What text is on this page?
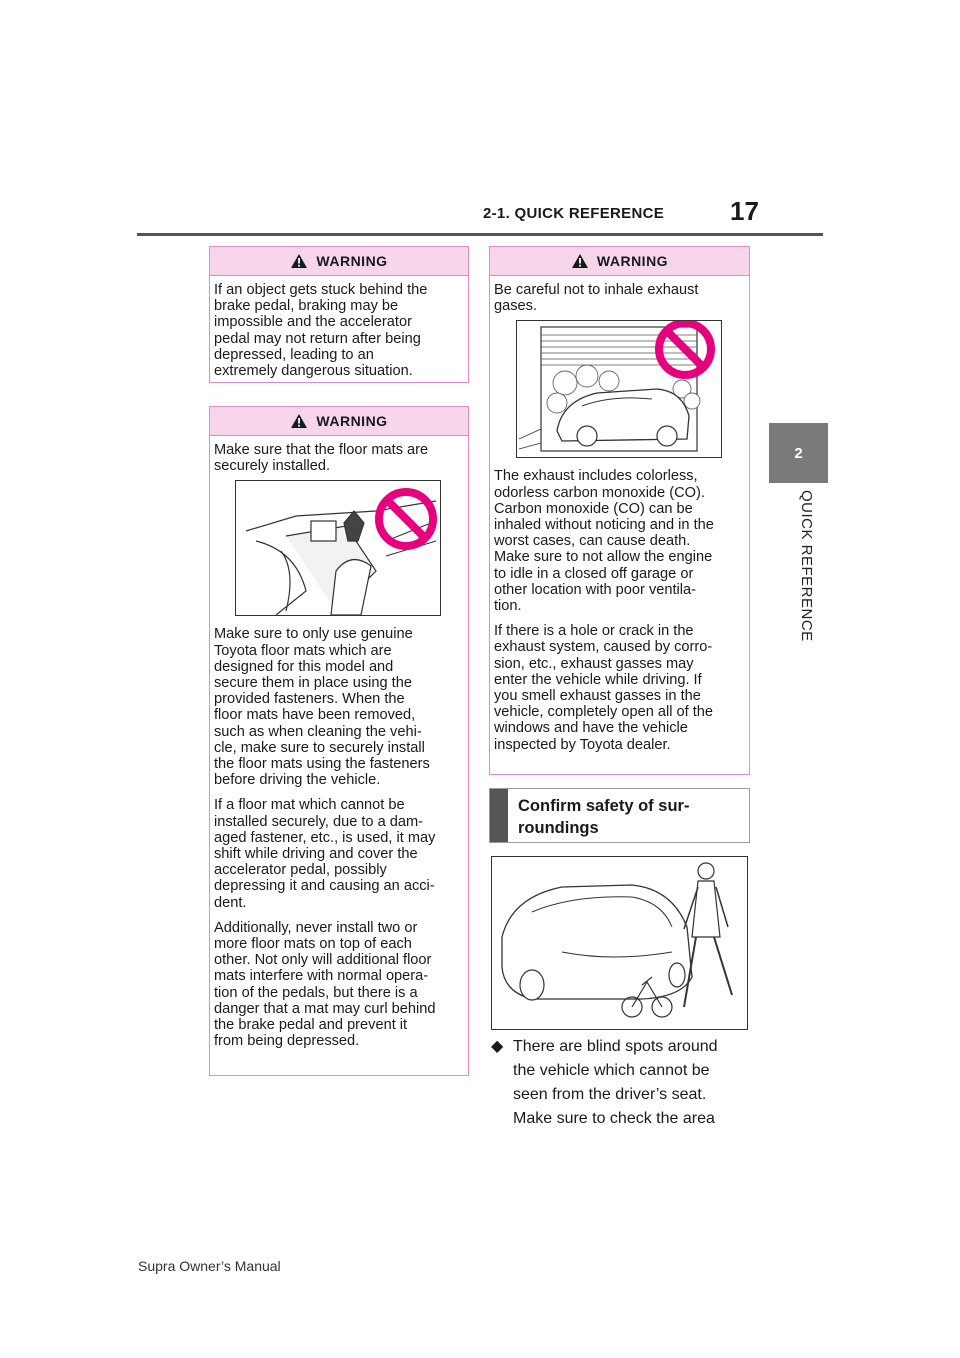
2-1. QUICK REFERENCE	17
2
QUICK REFERENCE
WARNING

If an object gets stuck behind the
brake pedal, braking may be
impossible and the accelerator
pedal may not return after being
depressed, leading to an
extremely dangerous situation.

WARNING

Make sure that the floor mats are
securely installed.

Make sure to only use genuine
Toyota floor mats which are
designed for this model and
secure them in place using the
provided fasteners. When the
floor mats have been removed,
such as when cleaning the vehi-
cle, make sure to securely install
the floor mats using the fasteners
before driving the vehicle.

If a floor mat which cannot be
installed securely, due to a dam-
aged fastener, etc., is used, it may
shift while driving and cover the
accelerator pedal, possibly
depressing it and causing an acci-
dent.

Additionally, never install two or
more floor mats on top of each
other. Not only will additional floor
mats interfere with normal opera-
tion of the pedals, but there is a
danger that a mat may curl behind
the brake pedal and prevent it
from being depressed.

WARNING

Be careful not to inhale exhaust
gases.

The exhaust includes colorless,
odorless carbon monoxide (CO).
Carbon monoxide (CO) can be
inhaled without noticing and in the
worst cases, can cause death.
Make sure to not allow the engine
to idle in a closed off garage or
other location with poor ventila-
tion.

If there is a hole or crack in the
exhaust system, caused by corro-
sion, etc., exhaust gasses may
enter the vehicle while driving. If
you smell exhaust gasses in the
vehicle, completely open all of the
windows and have the vehicle
inspected by Toyota dealer.

Confirm safety of sur-
roundings
◆ There are blind spots around
the vehicle which cannot be
seen from the driver’s seat.
Make sure to check the area
Supra Owner’s Manual
